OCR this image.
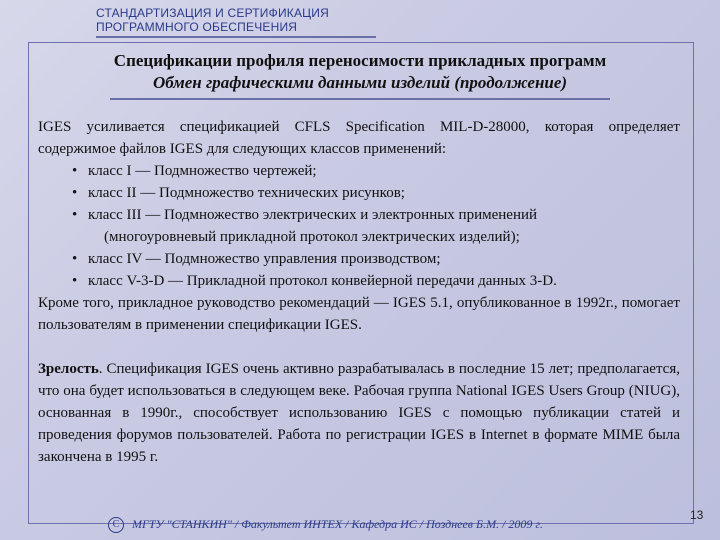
СТАНДАРТИЗАЦИЯ И СЕРТИФИКАЦИЯ
ПРОГРАММНОГО ОБЕСПЕЧЕНИЯ
Спецификации профиля переносимости прикладных программ
Обмен графическими данными изделий (продолжение)

IGES усиливается спецификацией CFLS Specification MIL-D-28000, которая определяет содержимое файлов IGES для следующих классов применений:

• класс I — Подмножество чертежей;
• класс II — Подмножество технических рисунков;
• класс III — Подмножество электрических и электронных применений
(многоуровневый прикладной протокол электрических изделий);
• класс IV — Подмножество управления производством;
• класс V-3-D — Прикладной протокол конвейерной передачи данных 3-D.

Кроме того, прикладное руководство рекомендаций — IGES 5.1, опубликованное в 1992г., помогает пользователям в применении спецификации IGES.

Зрелость. Спецификация IGES очень активно разрабатывалась в последние 15 лет; предполагается, что она будет использоваться в следующем веке. Рабочая группа National IGES Users Group (NIUG), основанная в 1990г., способствует использованию IGES с помощью публикации статей и проведения форумов пользователей. Работа по регистрации IGES в Internet в формате MIME была закончена в 1995 г.

C МГТУ "СТАНКИН" / Факультет ИНТЕХ / Кафедра ИС / Позднеев Б.М. / 2009 г.
13
